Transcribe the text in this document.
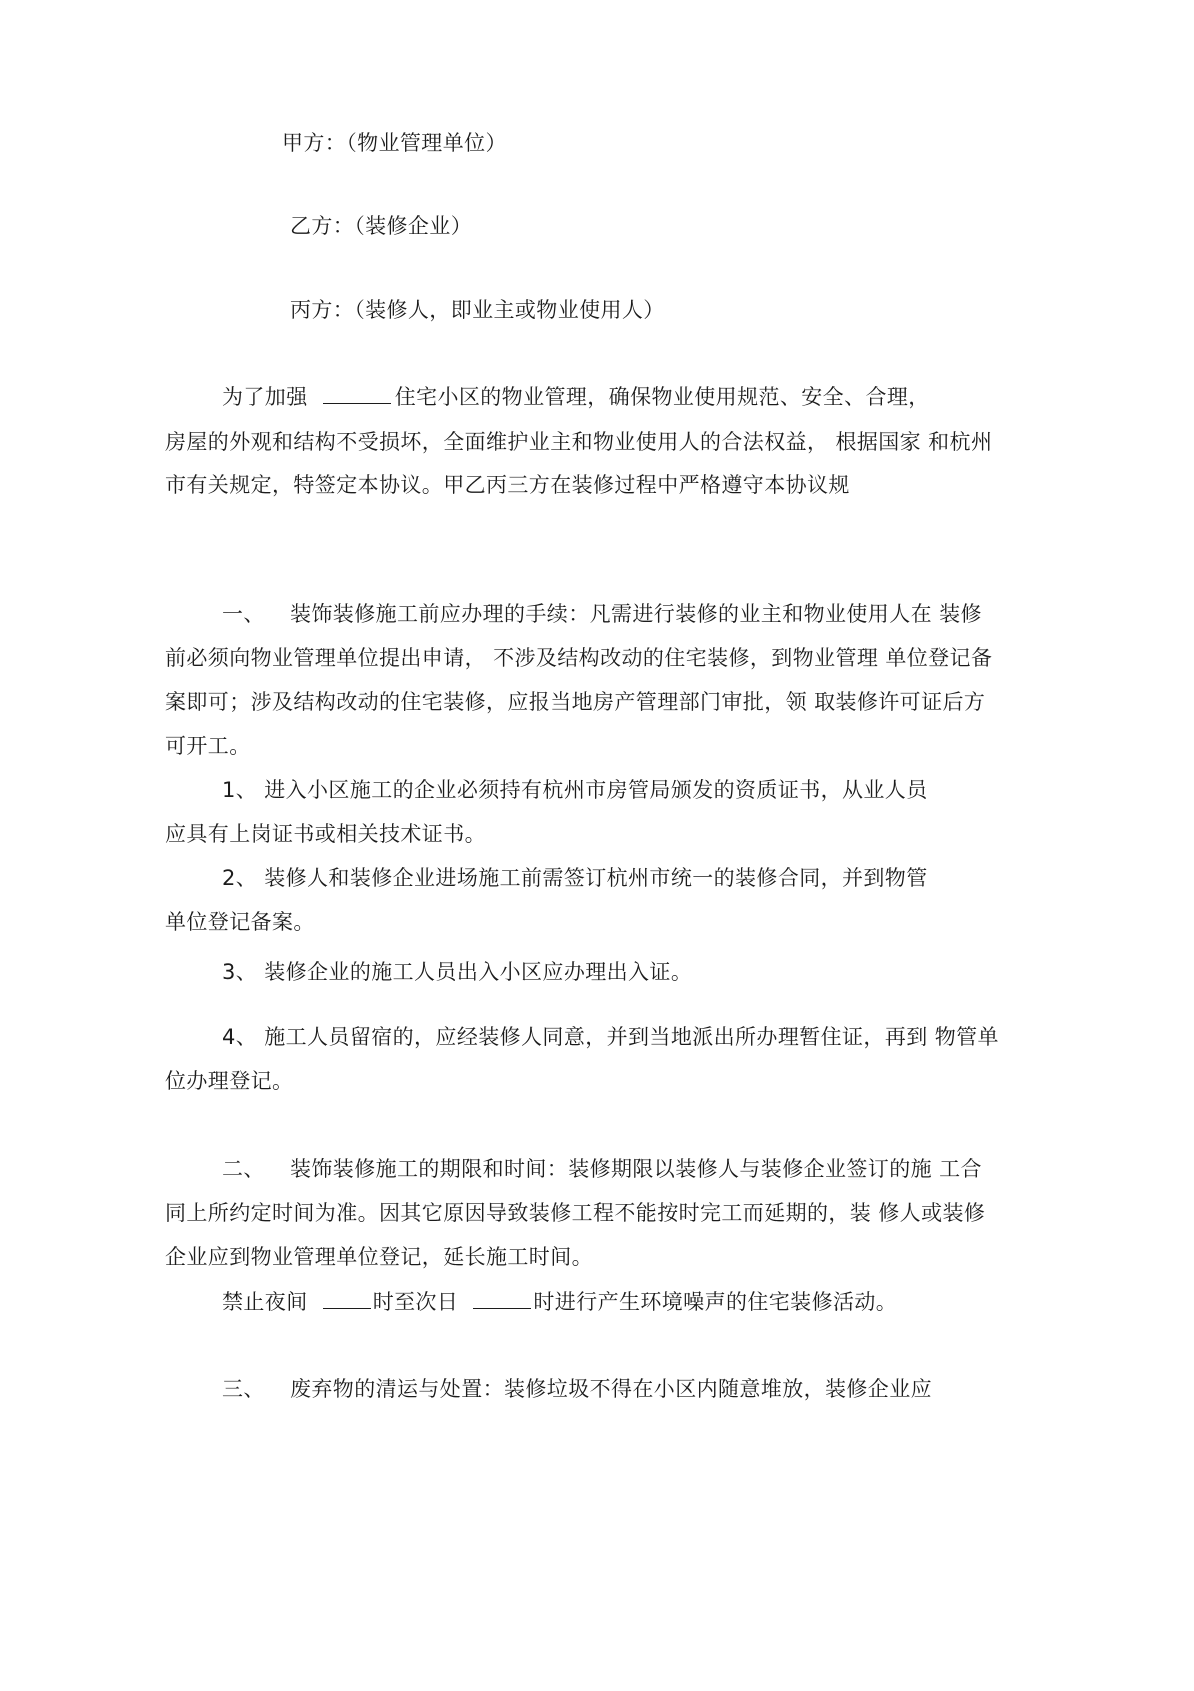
甲方：（物业管理单位）
乙方：（装修企业）
丙方：（装修人，即业主或物业使用人）
为了加强	住宅小区的物业管理，确保物业使用规范、安全、合理，
房屋的外观和结构不受损坏，全面维护业主和物业使用人的合法权益， 根据国家 和杭州
市有关规定，特签定本协议。甲乙丙三方在装修过程中严格遵守本协议规
一、 装饰装修施工前应办理的手续：凡需进行装修的业主和物业使用人在 装修
前必须向物业管理单位提出申请， 不涉及结构改动的住宅装修，到物业管理 单位登记备
案即可；涉及结构改动的住宅装修，应报当地房产管理部门审批，领 取装修许可证后方
可开工。
1、 进入小区施工的企业必须持有杭州市房管局颁发的资质证书， 从业人员
应具有上岗证书或相关技术证书。
2、 装修人和装修企业进场施工前需签订杭州市统一的装修合同， 并到物管
单位登记备案。
3、 装修企业的施工人员出入小区应办理出入证。
4、 施工人员留宿的，应经装修人同意，并到当地派出所办理暂住证，再到 物管单
位办理登记。
二、 装饰装修施工的期限和时间：装修期限以装修人与装修企业签订的施 工合
同上所约定时间为准。因其它原因导致装修工程不能按时完工而延期的，装 修人或装修
企业应到物业管理单位登记，延长施工时间。
禁止夜间	时至次日	时进行产生环境噪声的住宅装修活动。
三、 废弃物的清运与处置：装修垃圾不得在小区内随意堆放，装修企业应
